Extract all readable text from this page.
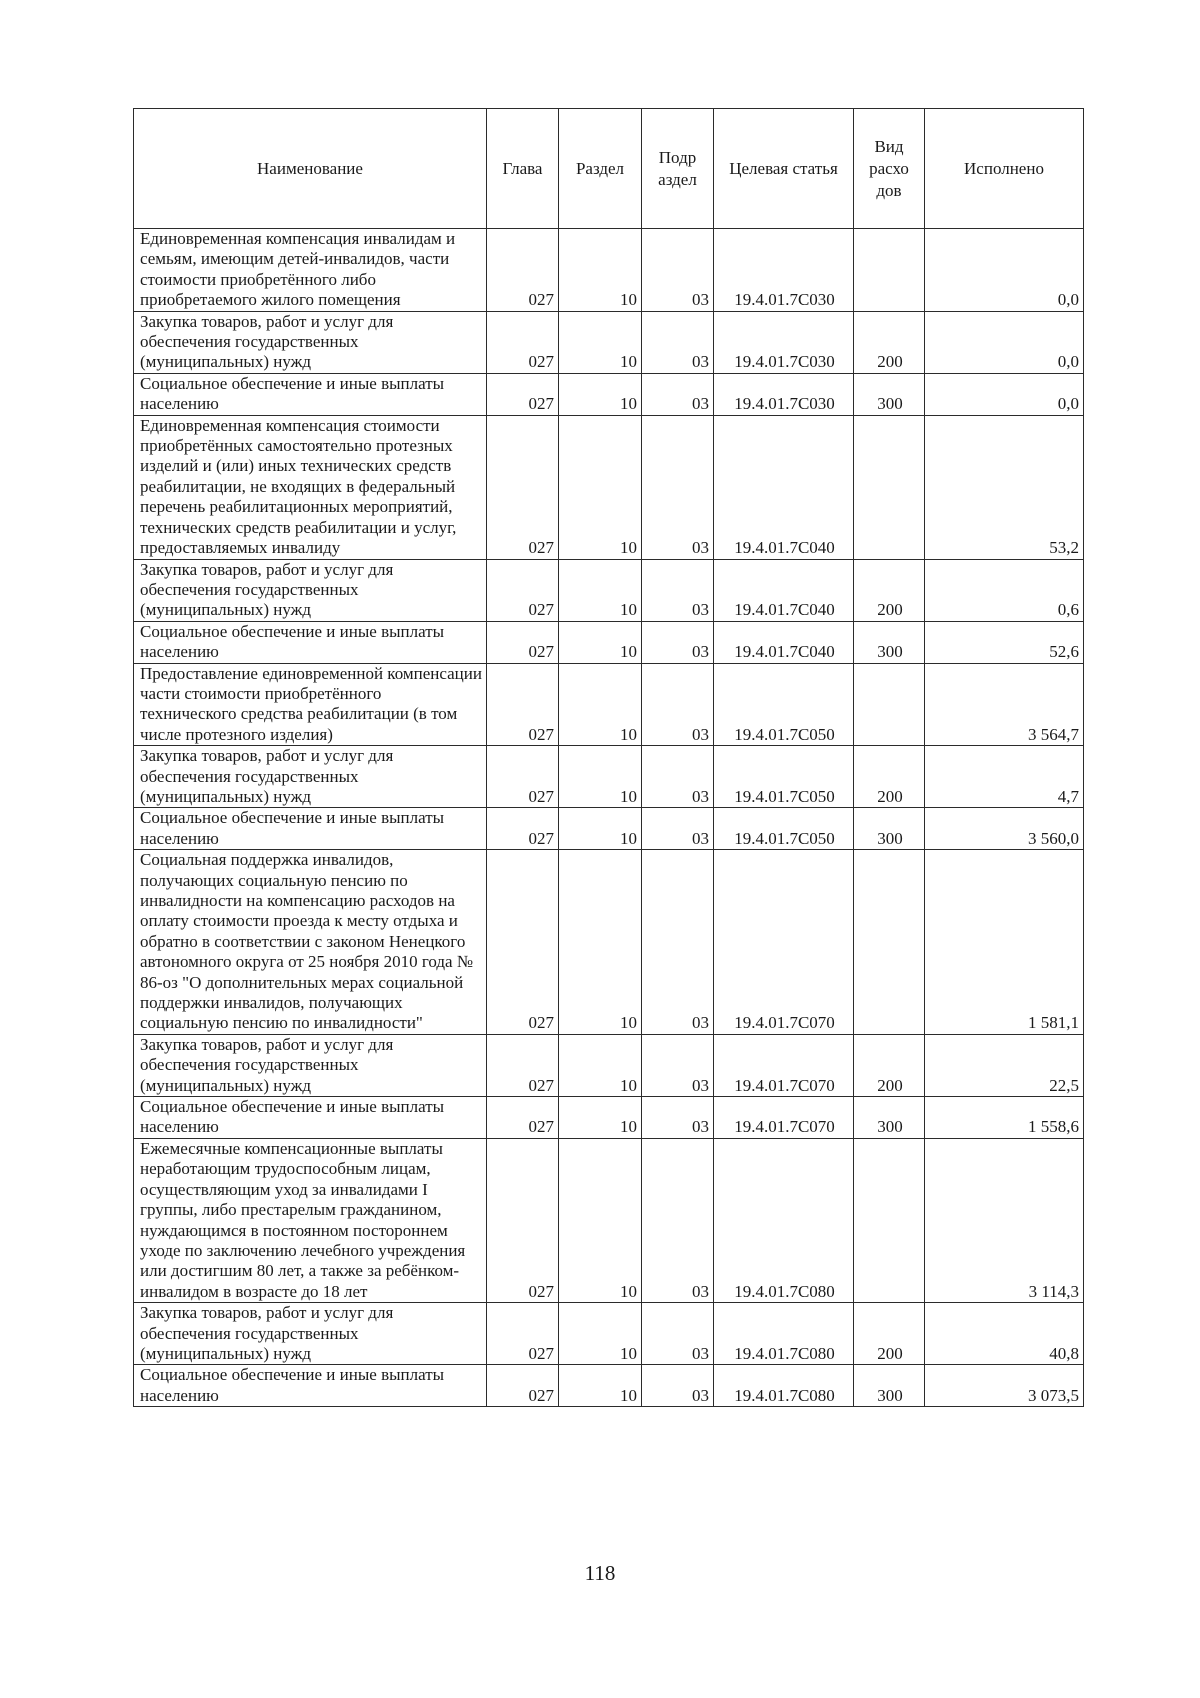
Наименование	Глава	Раздел	Подр аздел	Целевая статья	Вид расхо дов	Исполнено
Единовременная компенсация инвалидам и семьям, имеющим детей-инвалидов, части стоимости приобретённого либо приобретаемого жилого помещения	027	10	03	19.4.01.7С030		0,0
Закупка товаров, работ и услуг для обеспечения государственных (муниципальных) нужд	027	10	03	19.4.01.7С030	200	0,0
Социальное обеспечение и иные выплаты населению	027	10	03	19.4.01.7С030	300	0,0
Единовременная компенсация стоимости приобретённых самостоятельно протезных изделий и (или) иных технических средств реабилитации, не входящих в федеральный перечень реабилитационных мероприятий, технических средств реабилитации и услуг, предоставляемых инвалиду	027	10	03	19.4.01.7С040		53,2
Закупка товаров, работ и услуг для обеспечения государственных (муниципальных) нужд	027	10	03	19.4.01.7С040	200	0,6
Социальное обеспечение и иные выплаты населению	027	10	03	19.4.01.7С040	300	52,6
Предоставление единовременной компенсации части стоимости приобретённого технического средства реабилитации (в том числе протезного изделия)	027	10	03	19.4.01.7С050		3 564,7
Закупка товаров, работ и услуг для обеспечения государственных (муниципальных) нужд	027	10	03	19.4.01.7С050	200	4,7
Социальное обеспечение и иные выплаты населению	027	10	03	19.4.01.7С050	300	3 560,0
Социальная поддержка инвалидов, получающих социальную пенсию по инвалидности на компенсацию расходов на оплату стоимости проезда к месту отдыха и обратно в соответствии с законом Ненецкого автономного округа от 25 ноября 2010 года № 86-оз "О дополнительных мерах социальной поддержки инвалидов, получающих социальную пенсию по инвалидности"	027	10	03	19.4.01.7С070		1 581,1
Закупка товаров, работ и услуг для обеспечения государственных (муниципальных) нужд	027	10	03	19.4.01.7С070	200	22,5
Социальное обеспечение и иные выплаты населению	027	10	03	19.4.01.7С070	300	1 558,6
Ежемесячные компенсационные выплаты неработающим трудоспособным лицам, осуществляющим уход за инвалидами I группы, либо престарелым гражданином, нуждающимся в постоянном постороннем уходе по заключению лечебного учреждения или достигшим 80 лет, а также за ребёнком-инвалидом в возрасте до 18 лет	027	10	03	19.4.01.7С080		3 114,3
Закупка товаров, работ и услуг для обеспечения государственных (муниципальных) нужд	027	10	03	19.4.01.7С080	200	40,8
Социальное обеспечение и иные выплаты населению	027	10	03	19.4.01.7С080	300	3 073,5
118
